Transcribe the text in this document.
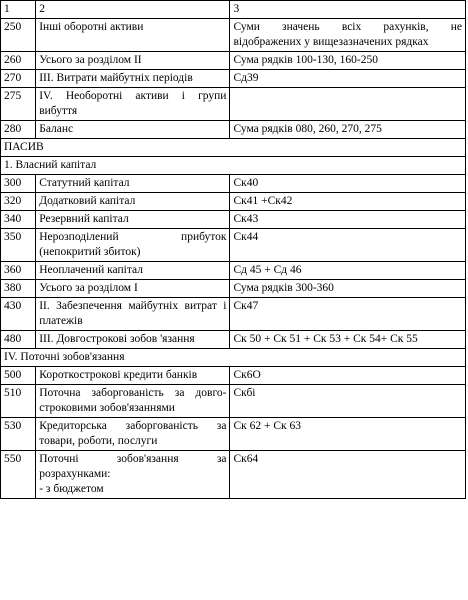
1	2	3
250	Інші оборотні активи	Суми значень всіх рахунків, не
відображених у вищезазначених рядках

260	Усього за розділом II	Сума рядків 100-130, 160-250

270	III. Витрати майбутніх періодів	Сд39

275	IV. Необоротні активи і групи
вибуття	

280	Баланс	Сума рядків 080, 260, 270, 275

ПАСИВ		
1. Власний капітал		
300	Статутний капітал	Ск40

320	Додатковий капітал	Ск41 +Ск42

340	Резервний капітал	Ск43

350	Нерозподілений прибуток
(непокритий збиток)	Ск44

360	Неоплачений капітал	Сд 45 + Сд 46

380	Усього за розділом I	Сума рядків 300-360

430	II. Забезпечення майбутніх витрат і
платежів	Ск47

480	III. Довгострокові зобов 'язання	Ск 50 + Ск 51 + Ск 53 + Ск 54+ Ск 55

IV. Поточні зобов'язання		
500	Короткострокові кредити банків	Ск6О

510	Поточна заборгованість за довго-
строковими зобов'язаннями	Скбі

530	Кредиторська заборгованість за
товари, роботи, послуги	Ск 62 + Ск 63

550	Поточні зобов'язання за
розрахунками:
- з бюджетом	Ск64
